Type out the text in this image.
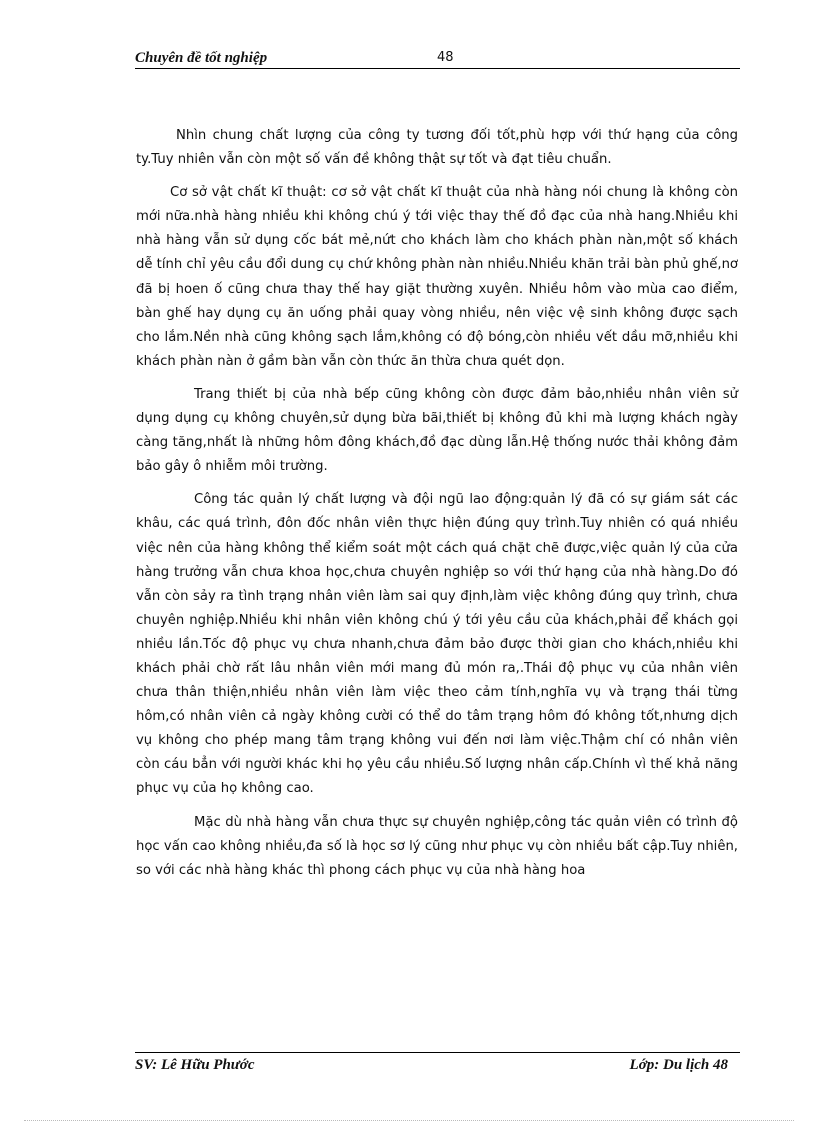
Chuyên đề tốt nghiệp	48

Nhìn chung chất lượng của công ty tương đối tốt,phù hợp với thứ hạng của công ty.Tuy nhiên vẫn còn một số vấn đề không thật sự tốt và đạt tiêu chuẩn.

Cơ sở vật chất kĩ thuật: cơ sở vật chất kĩ thuật của nhà hàng nói chung là không còn mới nữa.nhà hàng nhiều khi không chú ý tới việc thay thế đồ đạc của nhà hang.Nhiều khi nhà hàng vẫn sử dụng cốc bát mẻ,nứt cho khách làm cho khách phàn nàn,một số khách dễ tính chỉ yêu cầu đổi dung cụ chứ không phàn nàn nhiều.Nhiều khăn trải bàn phủ ghế,nơ đã bị hoen ố cũng chưa thay thế hay giặt thường xuyên. Nhiều hôm vào mùa cao điểm, bàn ghế hay dụng cụ ăn uống phải quay vòng nhiều, nên việc vệ sinh không được sạch cho lắm.Nền nhà cũng không sạch lắm,không có độ bóng,còn nhiều vết dầu mỡ,nhiều khi khách phàn nàn ở gầm bàn vẫn còn thức ăn thừa chưa quét dọn.

Trang thiết bị của nhà bếp cũng không còn được đảm bảo,nhiều nhân viên sử dụng dụng cụ không chuyên,sử dụng bừa bãi,thiết bị không đủ khi mà lượng khách ngày càng tăng,nhất là những hôm đông khách,đồ đạc dùng lẫn.Hệ thống nước thải không đảm bảo gây ô nhiễm môi trường.

Công tác quản lý chất lượng và đội ngũ lao động:quản lý đã có sự giám sát các khâu, các quá trình, đôn đốc nhân viên thực hiện đúng quy trình.Tuy nhiên có quá nhiều việc nên của hàng không thể kiểm soát một cách quá chặt chẽ được,việc quản lý của cửa hàng trưởng vẫn chưa khoa học,chưa chuyên nghiệp so với thứ hạng của nhà hàng.Do đó vẫn còn sảy ra tình trạng nhân viên làm sai quy định,làm việc không đúng quy trình, chưa chuyên nghiệp.Nhiều khi nhân viên không chú ý tới yêu cầu của khách,phải để khách gọi nhiều lần.Tốc độ phục vụ chưa nhanh,chưa đảm bảo được thời gian cho khách,nhiều khi khách phải chờ rất lâu nhân viên mới mang đủ món ra,.Thái độ phục vụ của nhân viên chưa thân thiện,nhiều nhân viên làm việc theo cảm tính,nghĩa vụ và trạng thái từng hôm,có nhân viên cả ngày không cười có thể do tâm trạng hôm đó không tốt,nhưng dịch vụ không cho phép mang tâm trạng không vui đến nơi làm việc.Thậm chí có nhân viên còn cáu bẳn với người khác khi họ yêu cầu nhiều.Số lượng nhân cấp.Chính vì thế khả năng phục vụ của họ không cao.

Mặc dù nhà hàng vẫn chưa thực sự chuyên nghiệp,công tác quản viên có trình độ học vấn cao không nhiều,đa số là học sơ lý cũng như phục vụ còn nhiều bất cập.Tuy nhiên, so với các nhà hàng khác thì phong cách phục vụ của nhà hàng hoa

SV: Lê Hữu Phước	Lớp: Du lịch 48
